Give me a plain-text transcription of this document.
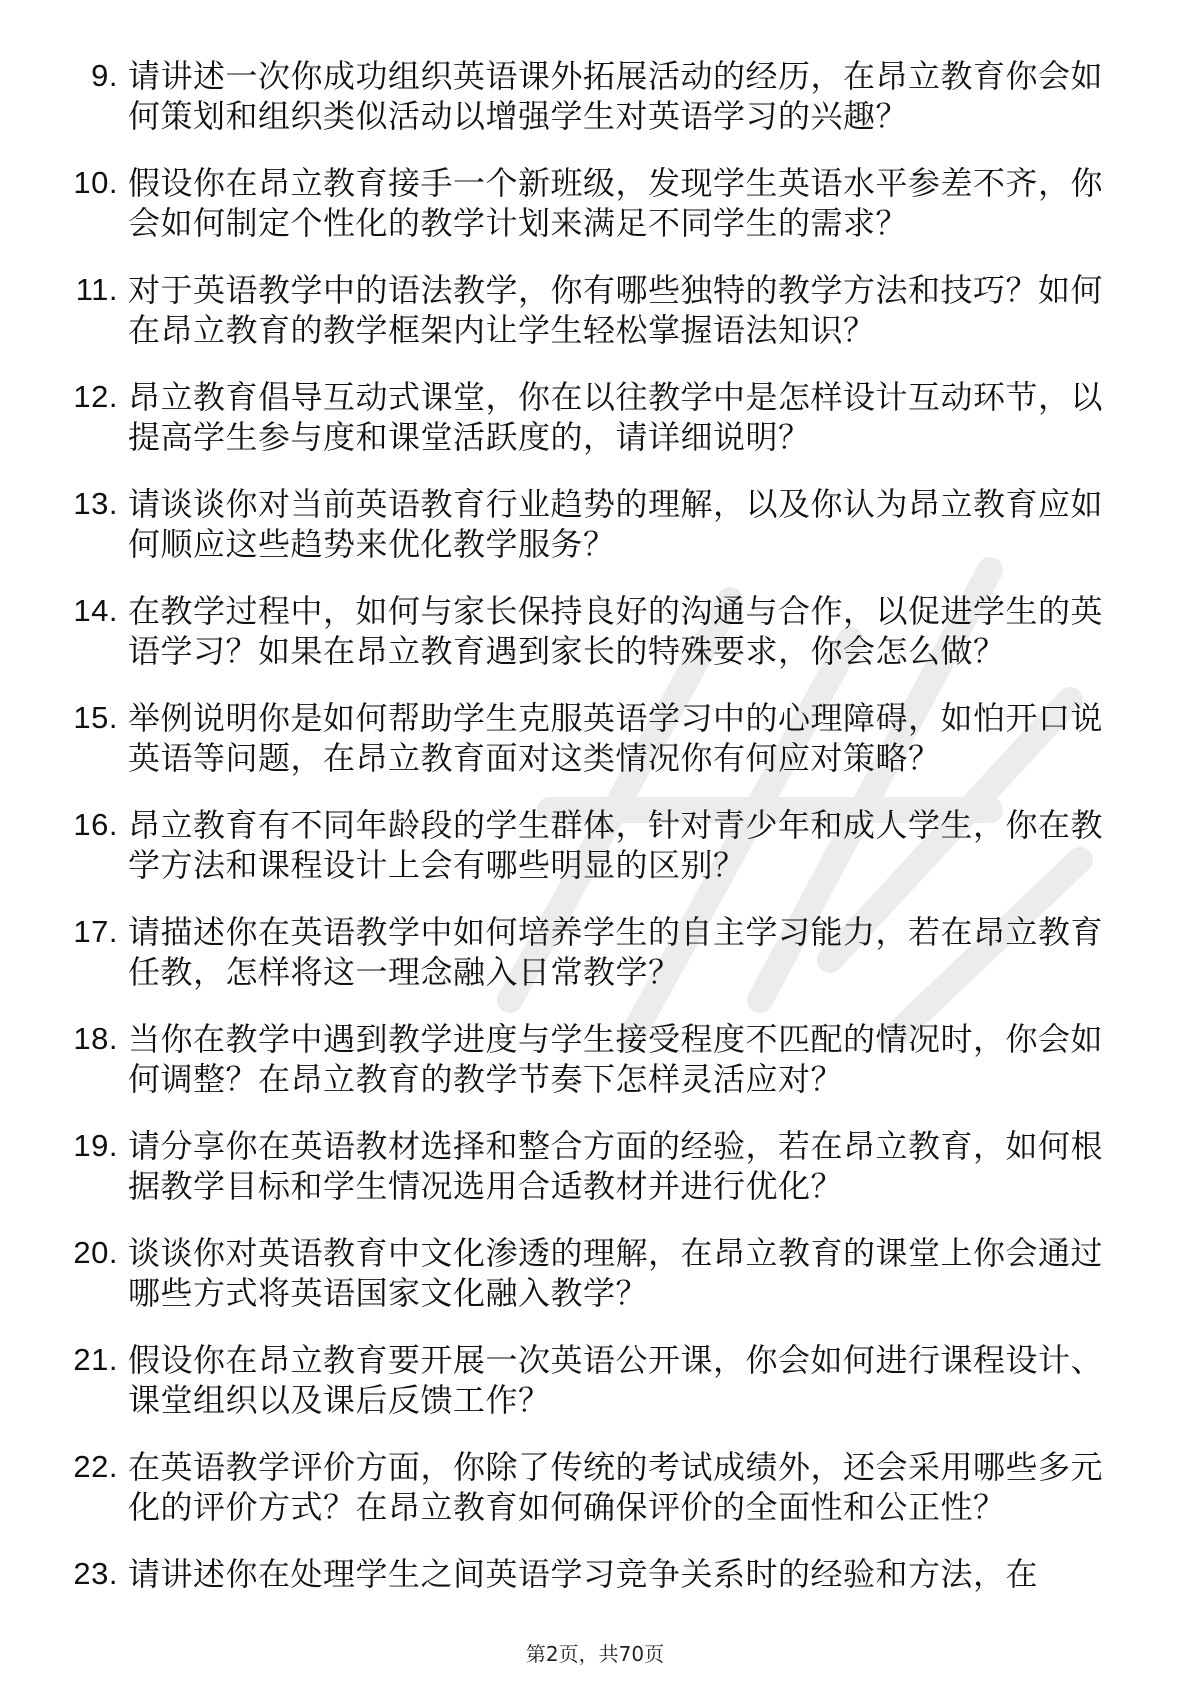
9. 请讲述一次你成功组织英语课外拓展活动的经历，在昂立教育你会如何策划和组织类似活动以增强学生对英语学习的兴趣？
10. 假设你在昂立教育接手一个新班级，发现学生英语水平参差不齐，你会如何制定个性化的教学计划来满足不同学生的需求？
11. 对于英语教学中的语法教学，你有哪些独特的教学方法和技巧？如何在昂立教育的教学框架内让学生轻松掌握语法知识？
12. 昂立教育倡导互动式课堂，你在以往教学中是怎样设计互动环节，以提高学生参与度和课堂活跃度的，请详细说明？
13. 请谈谈你对当前英语教育行业趋势的理解，以及你认为昂立教育应如何顺应这些趋势来优化教学服务？
14. 在教学过程中，如何与家长保持良好的沟通与合作，以促进学生的英语学习？如果在昂立教育遇到家长的特殊要求，你会怎么做？
15. 举例说明你是如何帮助学生克服英语学习中的心理障碍，如怕开口说英语等问题，在昂立教育面对这类情况你有何应对策略？
16. 昂立教育有不同年龄段的学生群体，针对青少年和成人学生，你在教学方法和课程设计上会有哪些明显的区别？
17. 请描述你在英语教学中如何培养学生的自主学习能力，若在昂立教育任教，怎样将这一理念融入日常教学？
18. 当你在教学中遇到教学进度与学生接受程度不匹配的情况时，你会如何调整？在昂立教育的教学节奏下怎样灵活应对？
19. 请分享你在英语教材选择和整合方面的经验，若在昂立教育，如何根据教学目标和学生情况选用合适教材并进行优化？
20. 谈谈你对英语教育中文化渗透的理解，在昂立教育的课堂上你会通过哪些方式将英语国家文化融入教学？
21. 假设你在昂立教育要开展一次英语公开课，你会如何进行课程设计、课堂组织以及课后反馈工作？
22. 在英语教学评价方面，你除了传统的考试成绩外，还会采用哪些多元化的评价方式？在昂立教育如何确保评价的全面性和公正性？
23. 请讲述你在处理学生之间英语学习竞争关系时的经验和方法，在
第2页，共70页
